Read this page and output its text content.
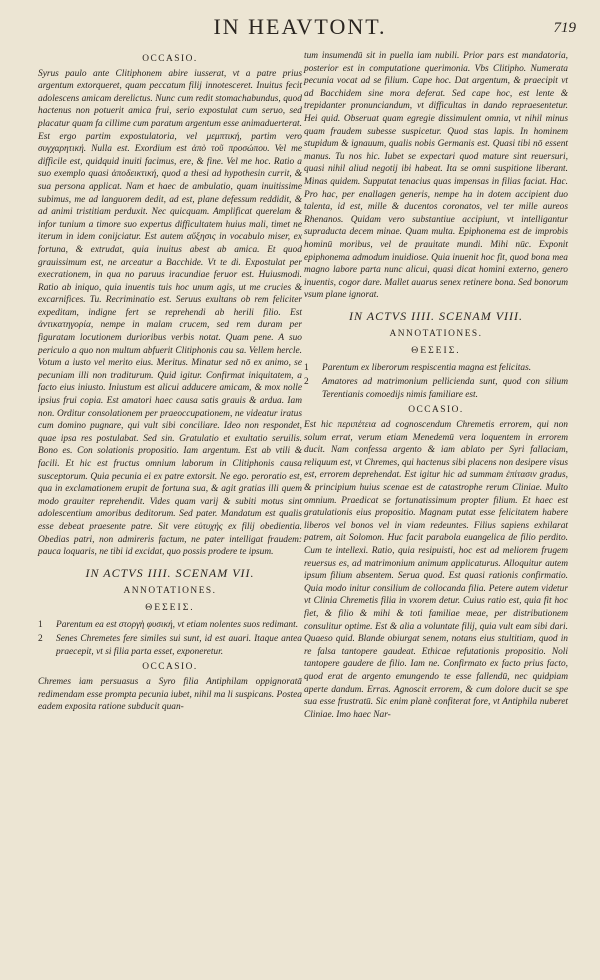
IN HEAVTONT.	719
OCCASIO.

Syrus paulo ante Clitiphonem abire iusserat, vt a patre prius argentum extorqueret, quam peccatum filij innotesceret. Inuitus fecit adolescens amicam derelictus. Nunc cum redit stomachabundus, quod hactenus non potuerit amica frui, serio expostulat cum seruo, sed placatur quam fa cillime cum paratum argentum esse animaduerterat. Est ergo partim expostulatoria, vel μεμπτική, partim vero συγχαρητική. Nulla est. Exordium est ἀπὸ τοῦ προσώπου. Vel me difficile est, quidquid inuiti facimus, ere, & fine. Vel me hoc. Ratio a suo exemplo quasi ἀποδεικτική, quod a thesi ad hypothesin currit, & sua persona applicat. Nam et haec de ambulatio, quam inuitissime subimus, me ad languorem dedit, ad est, plane defessum reddidit, & ad animi tristitiam perduxit. Nec quicquam. Amplificat querelam & infor tunium a timore suo expertus difficultatem huius mali, timet ne iterum in idem conijciatur. Est autem αὔξησις in vocabulo miser, ex fortuna, & extrudat, quia inuitus abest ab amica. Et quod grauissimum est, ne arceatur a Bacchide. Vt te di. Expostulat per execrationem, in qua no paruus iracundiae feruor est. Huiusmodi. Ratio ab iniquo, quia inuentis tuis hoc unum agis, ut me crucies & excarnifices. Tu. Recriminatio est. Seruus exultans ob rem feliciter expeditam, indigne fert se reprehendi ab herili filio. Est ἀντικατηγορία, nempe in malam crucem, sed rem duram per figuratam locutionem durioribus verbis notat. Quam pene. A suo periculo a quo non multum abfuerit Clitiphonis cau sa. Vellem hercle. Votum a iusto vel merito eius. Meritus. Minatur sed nō ex animo, se pecuniam illi non traditurum. Quid igitur. Confirmat iniquitatem, a facto eius iniusto. Iniustum est alicui adducere amicam, & mox nolle ipsius frui copia. Est amatori haec causa satis grauis & ardua. Iam non. Orditur consolationem per praeoccupationem, ne videatur iratus cum domino pugnare, qui vult sibi conciliare. Ideo non respondet, quae ipsa res postulabat. Sed sin. Gratulatio et exultatio seruilis. Bono es. Con solationis propositio. Iam argentum. Est ab vtili & facili. Et hic est fructus omnium laborum in Clitiphonis causa susceptorum. Quia pecunia ei ex patre extorsit. Ne ego. peroratio est, qua in exclamationem erupit de fortuna sua, & agit gratias illi quem modo grauiter reprehendit. Vides quam varij & subiti motus sint adolescentium amoribus deditorum. Sed pater. Mandatum est qualis esse debeat praesente patre. Sit vere εὐτυχής ex filij obedientia. Obedias patri, non admireris factum, ne pater intelligat fraudem: pauca loquaris, ne tibi id excidat, quo possis prodere te ipsum.

IN ACTVS IIII. SCENAM VII.
ANNOTATIONES.
ΘΕΣΕΙΣ.
1	Parentum ea est στοργὴ φυσική, vt etiam nolentes suos redimant.
2	Senes Chremetes fere similes sui sunt, id est auari. Itaque antea praecepit, vt si filia parta esset, exponeretur.
OCCASIO.

Chremes iam persuasus a Syro filia Antiphilam oppignoratā redimendam esse prompta pecunia iubet, nihil ma li suspicans. Postea eadem exposita ratione subducit quan-

tum insumendū sit in puella iam nubili. Prior pars est mandatoria, posterior est in computatione querimonia. Vbs Clitipho. Numerata pecunia vocat ad se filium. Cape hoc. Dat argentum, & praecipit vt ad Bacchidem sine mora deferat. Sed cape hoc, est lente & trepidanter pronunciandum, vt difficultas in dando repraesentetur. Hei quid. Obseruat quam egregie dissimulent omnia, vt nihil minus quam fraudem subesse suspicetur. Quod stas lapis. In hominem stupidum & ignauum, qualis nobis Germanis est. Quasi tibi nō essent manus. Tu nos hic. Iubet se expectari quod mature sint reuersuri, quasi nihil aliud negotij ibi habeat. Ita se omni suspitione liberant. Minas quidem. Supputat tenacius quas impensas in filias faciat. Hac. Pro hac, per enallagen generis, nempe ha in dotem accipient duo talenta, id est, mille & ducentos coronatos, vel ter mille aureos Rhenanos. Quidam vero substantiue accipiunt, vt intelligantur supraducta decem minae. Quam multa. Epiphonema est de improbis hominū moribus, vel de prauitate mundi. Mihi nūc. Exponit epiphonema admodum inuidiose. Quia inuenit hoc fit, quod bona mea magno labore parta nunc alicui, quasi dicat homini externo, genero inuentis, cogor dare. Mallet auarus senex retinere bona. Sed bonorum vsum plane ignorat.

IN ACTVS IIII. SCENAM VIII.
ANNOTATIONES.
ΘΕΣΕΙΣ.
1	Parentum ex liberorum respiscentia magna est felicitas.
2	Amatores ad matrimonium pellicienda sunt, quod con silium Terentianis comoedijs nimis familiare est.
OCCASIO.

Est hic περιπέτεια ad cognoscendum Chremetis errorem, qui non solum errat, verum etiam Menedemū vera loquentem in errorem ducit. Nam confessa argento & iam ablato per Syri fallaciam, reliquum est, vt Chremes, qui hactenus sibi placens non desipere visus est, errorem deprehendat. Est igitur hic ad summam ἐπίτασιν gradus, & principium huius scenae est de catastrophe rerum Cliniae. Multo omnium. Praedicat se fortunatissimum propter filium. Et haec est gratulationis eius propositio. Magnam putat esse felicitatem habere liberos vel bonos vel in viam redeuntes. Filius sapiens exhilarat patrem, ait Solomon. Huc facit parabola euangelica de filio perdito. Cum te intellexi. Ratio, quia resipuisti, hoc est ad meliorem frugem reuersus es, ad matrimonium animum applicaturus. Alloquitur autem ipsum filium absentem. Serua quod. Est quasi rationis confirmatio. Quia modo initur consilium de collocanda filia. Petere autem videtur vt Clinia Chremetis filia in vxorem detur. Cuius ratio est, quia fit hoc fiet, & filio & mihi & toti familiae meae, per distributionem consulitur optime. Est & alia a voluntate filij, quia vult eam sibi dari. Quaeso quid. Blande obiurgat senem, notans eius stultitiam, quod in re falsa tantopere gaudeat. Ethicae refutationis propositio. Noli tantopere gaudere de filio. Iam ne. Confirmato ex facto prius facto, quod erat de argento emungendo te esse fallendū, nec quidpiam aperte dandum. Erras. Agnoscit errorem, & cum dolore ducit se spe sua esse frustratū. Sic enim planè confiterat fore, vt Antiphila nuberet Cliniae. Imo haec Nar-
